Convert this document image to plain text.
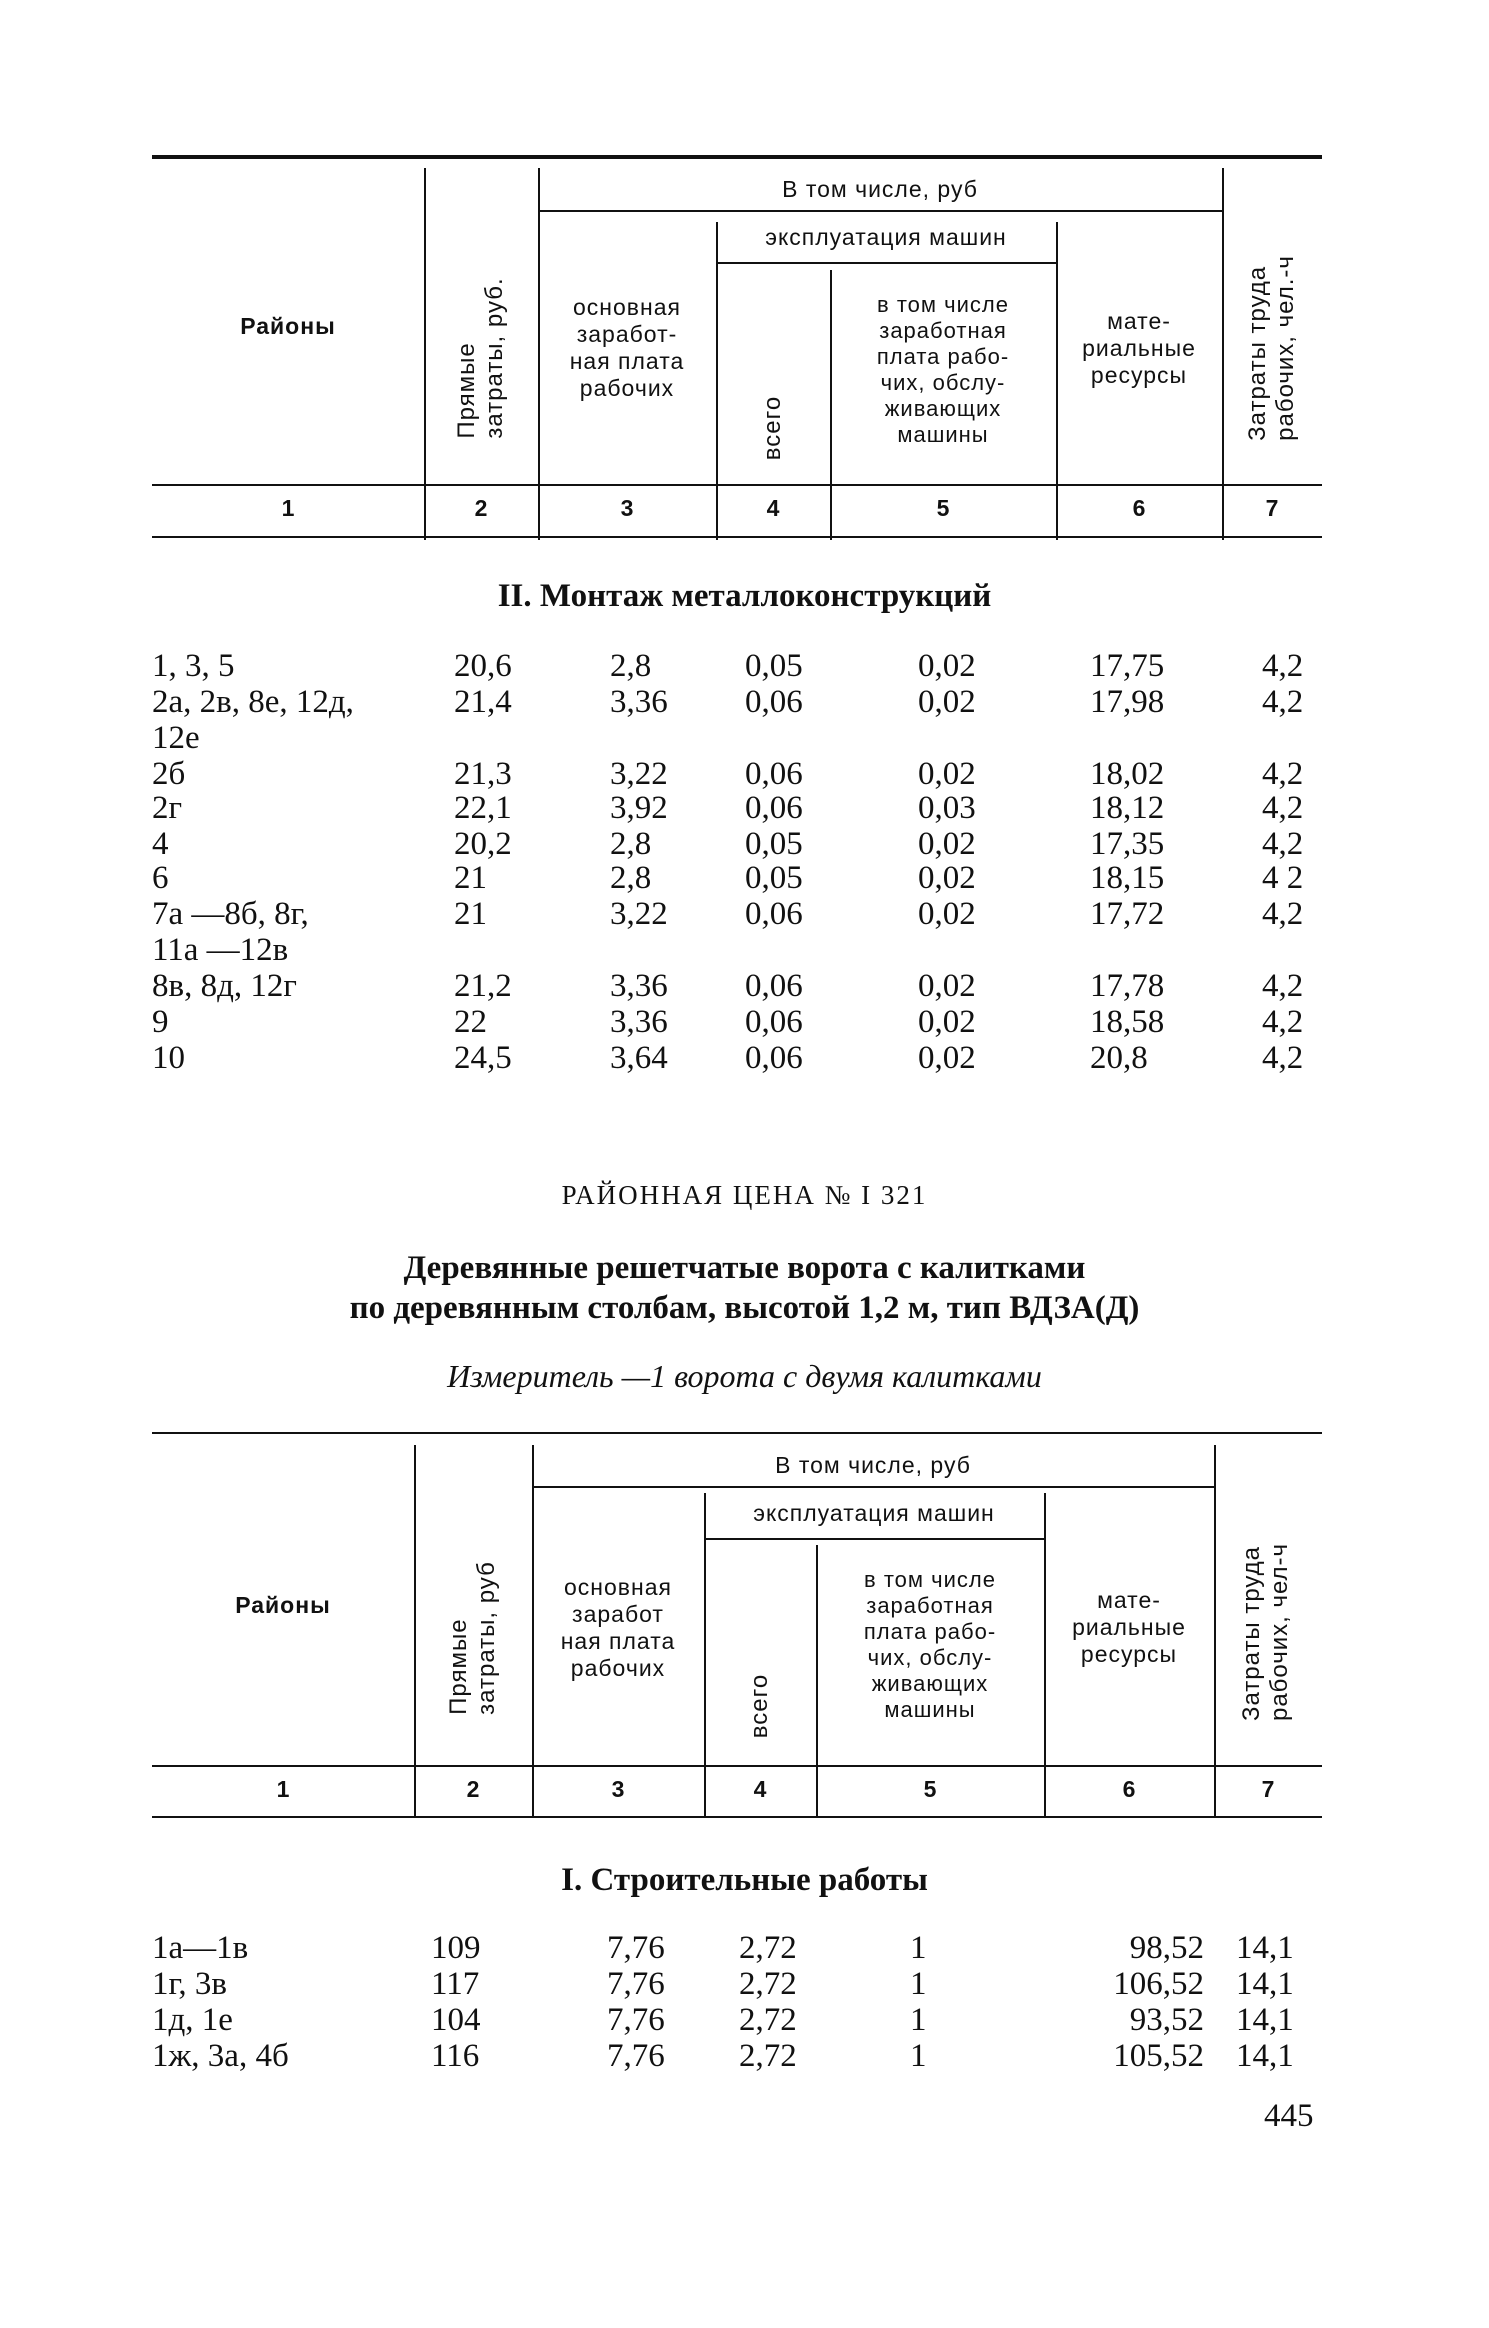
Районы
Прямые
затраты, руб.
В том числе, руб
основная
заработ-
ная плата
рабочих
эксплуатация машин
всего
в том числе
заработная
плата рабо-
чих, обслу-
живающих
машины
мате-
риальные
ресурсы	Затраты труда
рабочих, чел.-ч
1	2	3	4	5	6	7
II. Монтаж металлоконструкций
1, 3, 5	20,6	2,8	0,05	0,02	17,75	4,2
2а, 2в, 8е, 12д,	21,4	3,36 0,06	0,02	17,98	4,2
12е
2б	21,3	3,22 0,06	0,02	18,02	4,2
2г	22,1	3,92 0,06	0,03	18,12	4,2
4	20,2	2,8	0,05	0,02	17,35	4,2
6	21	2,8	0,05	0,02	18,15	4 2
7а —8б, 8г,	21	3,22 0,06	0,02	17,72	4,2
11а —12в
8в, 8д, 12г	21,2	3,36 0,06	0,02	17,78	4,2
9	22	3,36 0,06	0,02	18,58	4,2
10	24,5	3,64 0,06	0,02	20,8	4,2
РАЙОННАЯ ЦЕНА № I 321
Деревянные решетчатые ворота с калитками
по деревянным столбам, высотой 1,2 м, тип ВДЗА(Д)
Измеритель —1 ворота с двумя калитками
Районы
Прямые
затраты, руб
В том числе, руб
основная
заработ
ная плата
рабочих
эксплуатация машин
всего
в том числе
заработная
плата рабо-
чих, обслу-
живающих
машины
мате-
риальные
ресурсы	Затраты труда
рабочих, чел-ч
1	2	3	4	5	6	7
I. Строительные работы
1а—1в	109	7,76 2,72	1	98,52 14,1
1г, 3в	117	7,76 2,72	1	106,52 14,1
1д, 1е	104	7,76 2,72	1	93,52 14,1
1ж, 3а, 4б	116	7,76 2,72	1	105,52 14,1
445
